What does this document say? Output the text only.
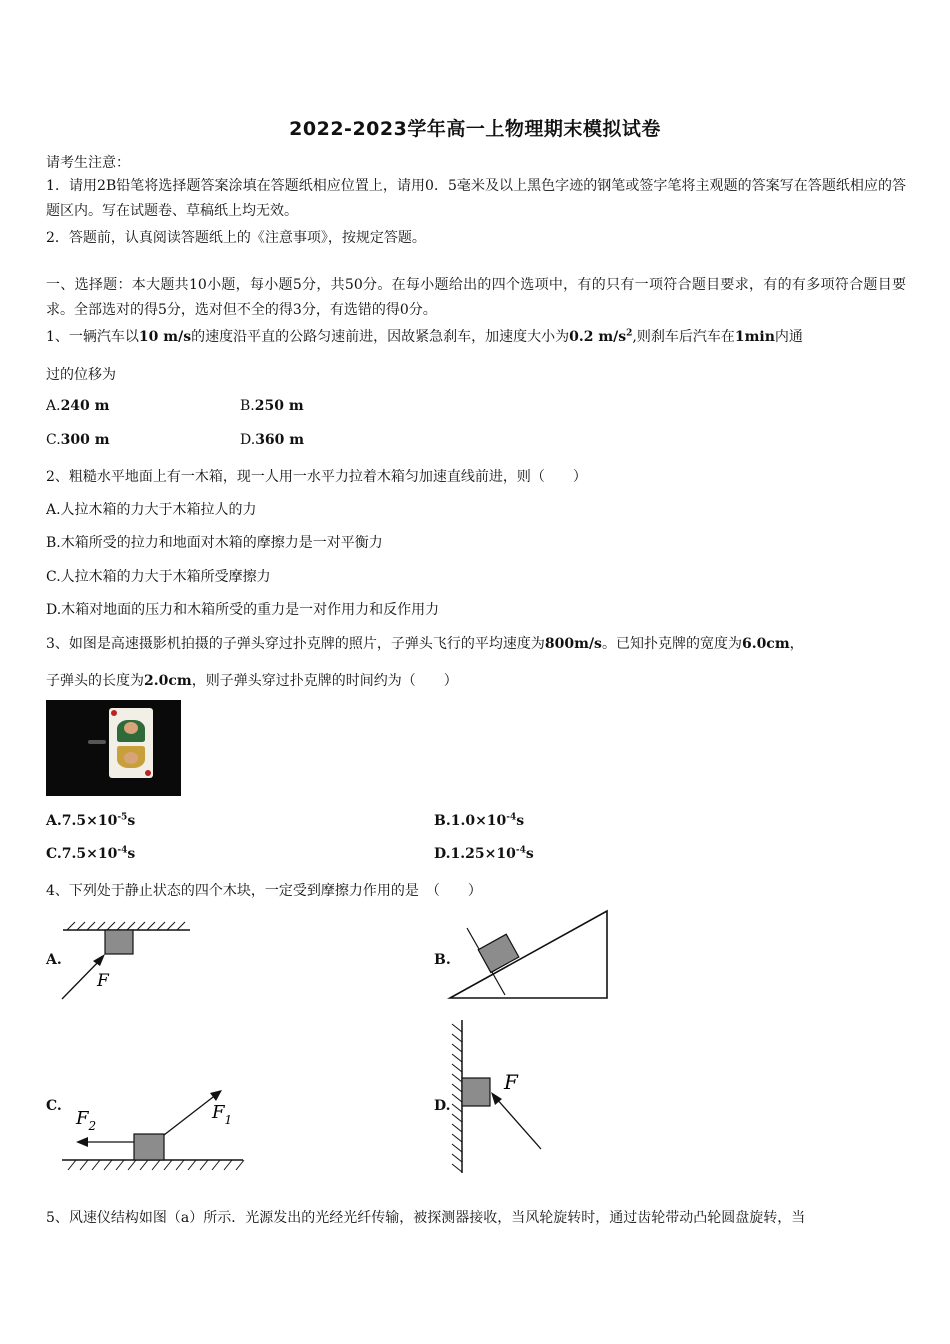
2022-2023学年高一上物理期末模拟试卷
请考生注意：
1．请用2B铅笔将选择题答案涂填在答题纸相应位置上，请用0．5毫米及以上黑色字迹的钢笔或签字笔将主观题的答案写在答题纸相应的答题区内。写在试题卷、草稿纸上均无效。
2．答题前，认真阅读答题纸上的《注意事项》，按规定答题。
一、选择题：本大题共10小题，每小题5分，共50分。在每小题给出的四个选项中，有的只有一项符合题目要求，有的有多项符合题目要求。全部选对的得5分，选对但不全的得3分，有选错的得0分。
1、一辆汽车以10 m/s的速度沿平直的公路匀速前进，因故紧急刹车，加速度大小为0.2 $m/s^2$,则刹车后汽车在1min内通
过的位移为
A.240 m	B.250 m
C.300 m	D.360 m
2、粗糙水平地面上有一木箱，现一人用一水平力拉着木箱匀加速直线前进，则（　　）
A.人拉木箱的力大于木箱拉人的力
B.木箱所受的拉力和地面对木箱的摩擦力是一对平衡力
C.人拉木箱的力大于木箱所受摩擦力
D.木箱对地面的压力和木箱所受的重力是一对作用力和反作用力
3、如图是高速摄影机拍摄的子弹头穿过扑克牌的照片，子弹头飞行的平均速度为800m/s。已知扑克牌的宽度为6.0cm，
子弹头的长度为2.0cm，则子弹头穿过扑克牌的时间约为（　　）
$A.7.5\times 10^{-5}s$	$B.1.0\times 10^{-4}s$
$C.7.5\times 10^{-4}s$	$D.1.25\times 10^{-4}s$
4、下列处于静止状态的四个木块，一定受到摩擦力作用的是　（　　）
A.	B.
C.	D.
F
$F_2$
$F_1$
F
5、风速仪结构如图（a）所示．光源发出的光经光纤传输，被探测器接收，当风轮旋转时，通过齿轮带动凸轮圆盘旋转，当
